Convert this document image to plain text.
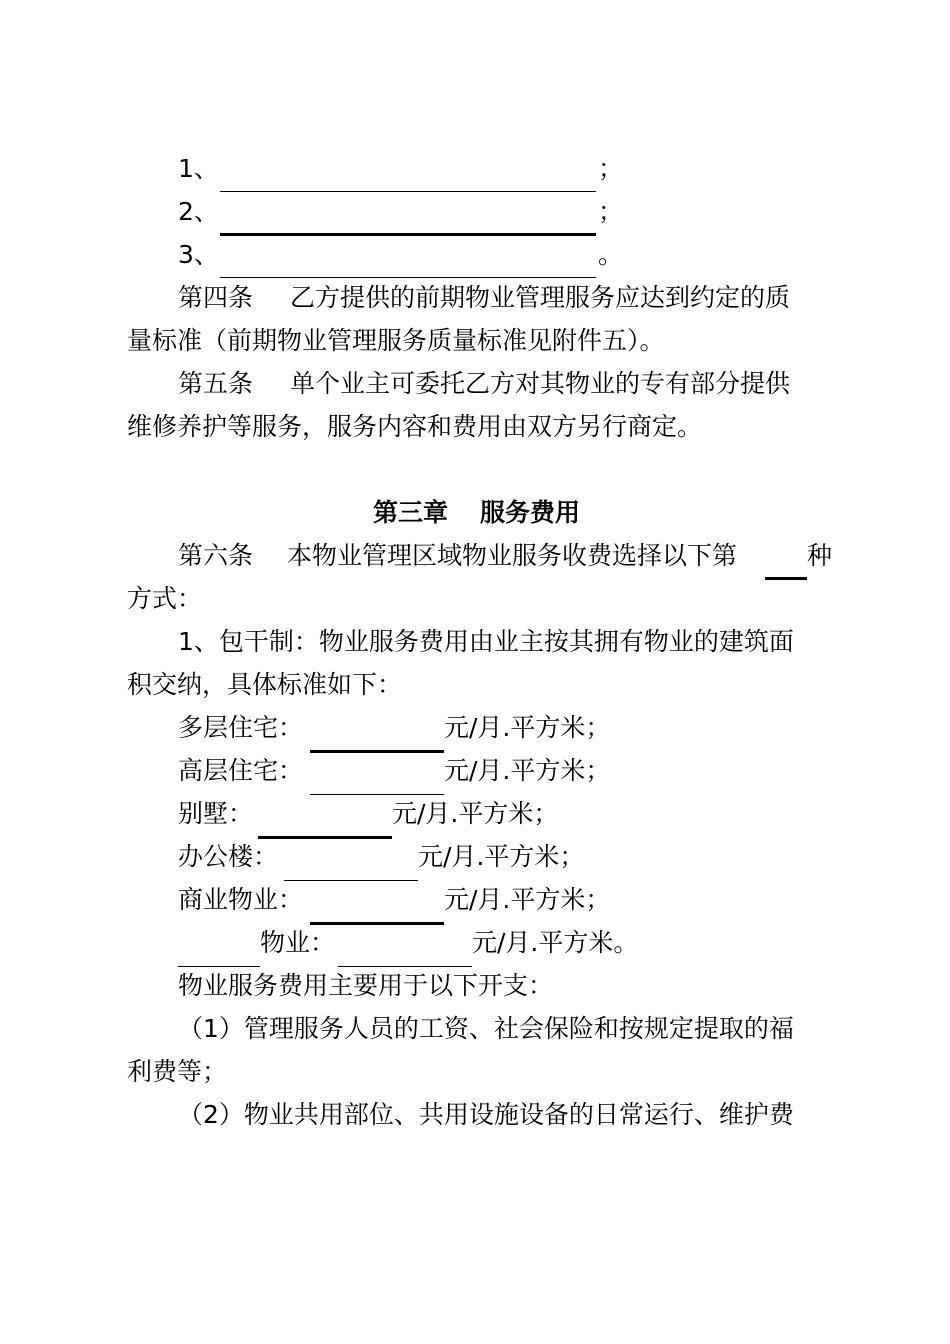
1、	；
2、	；
3、	。
第四条 乙方提供的前期物业管理服务应达到约定的质
量标准（前期物业管理服务质量标准见附件五）。
第五条 单个业主可委托乙方对其物业的专有部分提供
维修养护等服务，服务内容和费用由双方另行商定。
第三章 服务费用
第六条 本物业管理区域物业服务收费选择以下第	种
方式：
1、包干制：物业服务费用由业主按其拥有物业的建筑面
积交纳，具体标准如下：
多层住宅：	元/月.平方米；
高层住宅：	元/月.平方米；
别墅：	元/月.平方米；
办公楼：	元/月.平方米；
商业物业：	元/月.平方米；
物业：	元/月.平方米。
物业服务费用主要用于以下开支：
（1）管理服务人员的工资、社会保险和按规定提取的福
利费等；
（2）物业共用部位、共用设施设备的日常运行、维护费
